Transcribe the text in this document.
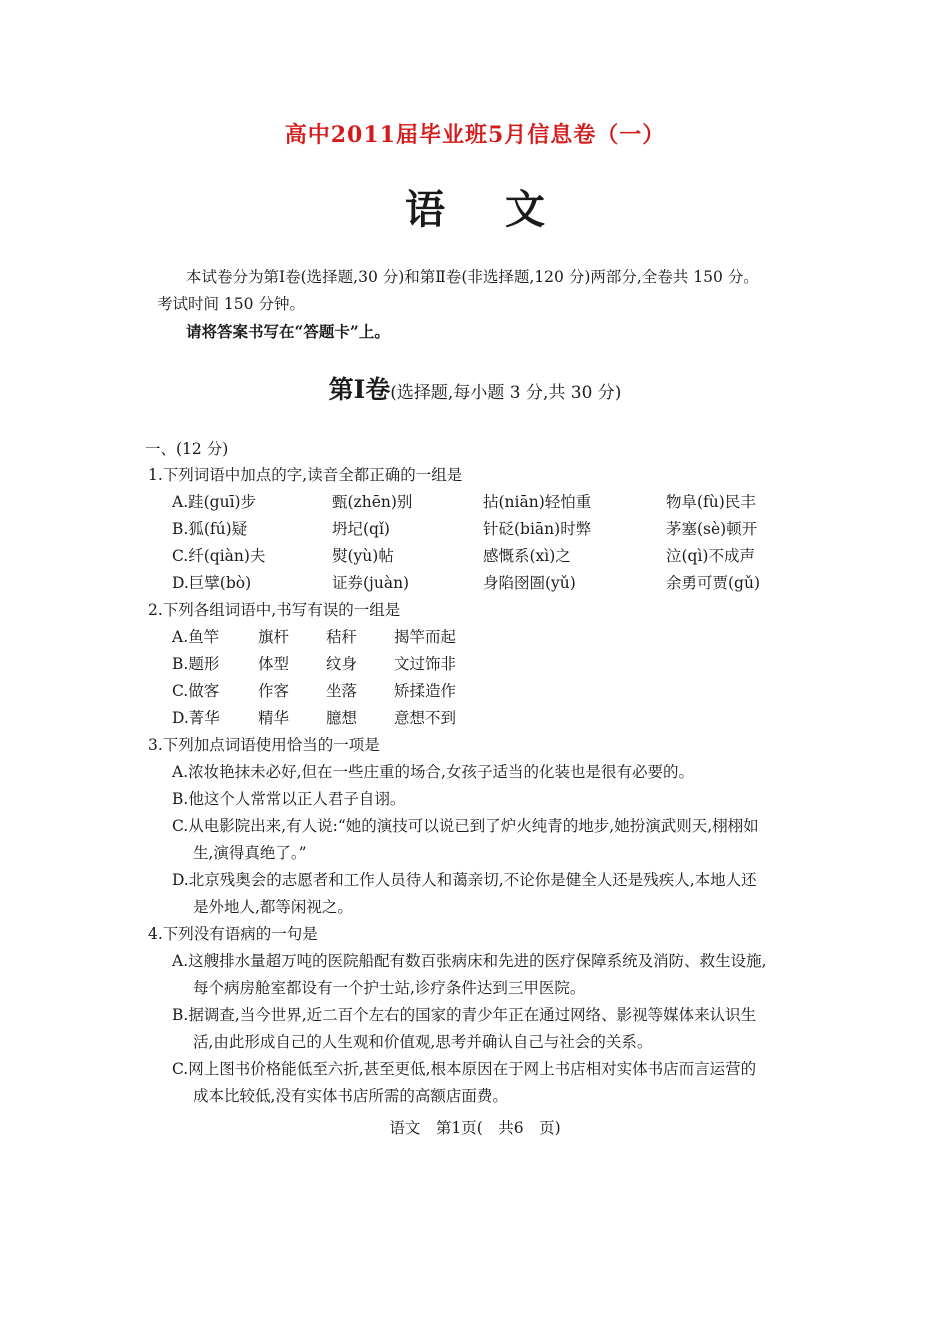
高中2011届毕业班5月信息卷（一）
语文
本试卷分为第Ⅰ卷(选择题,30 分)和第Ⅱ卷(非选择题,120 分)两部分,全卷共 150 分。
考试时间 150 分钟。
请将答案书写在“答题卡”上。
第Ⅰ卷(选择题,每小题 3 分,共 30 分)
一、(12 分)
1.下列词语中加点的字,读音全都正确的一组是
A.跬(guī)步	甄(zhēn)别	拈(niān)轻怕重	物阜(fù)民丰
B.狐(fú)疑	坍圮(qǐ)	针砭(biān)时弊	茅塞(sè)顿开
C.纤(qiàn)夫	熨(yù)帖	感慨系(xì)之	泣(qì)不成声
D.巨擘(bò)	证券(juàn)	身陷囹圄(yǔ)	余勇可贾(gǔ)
2.下列各组词语中,书写有误的一组是
A.鱼竿	旗杆 秸秆 揭竿而起
B.题形 体型 纹身 文过饰非
C.做客	作客 坐落 矫揉造作
D.菁华 精华 臆想 意想不到
3.下列加点词语使用恰当的一项是
A.浓妆艳抹未必好,但在一些庄重的场合,女孩子适当的化装也是很有必要的。
B.他这个人常常以正人君子自诩。
C.从电影院出来,有人说:“她的演技可以说已到了炉火纯青的地步,她扮演武则天,栩栩如
生,演得真绝了。”
D.北京残奥会的志愿者和工作人员待人和蔼亲切,不论你是健全人还是残疾人,本地人还
是外地人,都等闲视之。
4.下列没有语病的一句是
A.这艘排水量超万吨的医院船配有数百张病床和先进的医疗保障系统及消防、救生设施,
每个病房舱室都设有一个护士站,诊疗条件达到三甲医院。
B.据调查,当今世界,近二百个左右的国家的青少年正在通过网络、影视等媒体来认识生
活,由此形成自己的人生观和价值观,思考并确认自己与社会的关系。
C.网上图书价格能低至六折,甚至更低,根本原因在于网上书店相对实体书店而言运营的
成本比较低,没有实体书店所需的高额店面费。
语文　第1页(　共6　页)
